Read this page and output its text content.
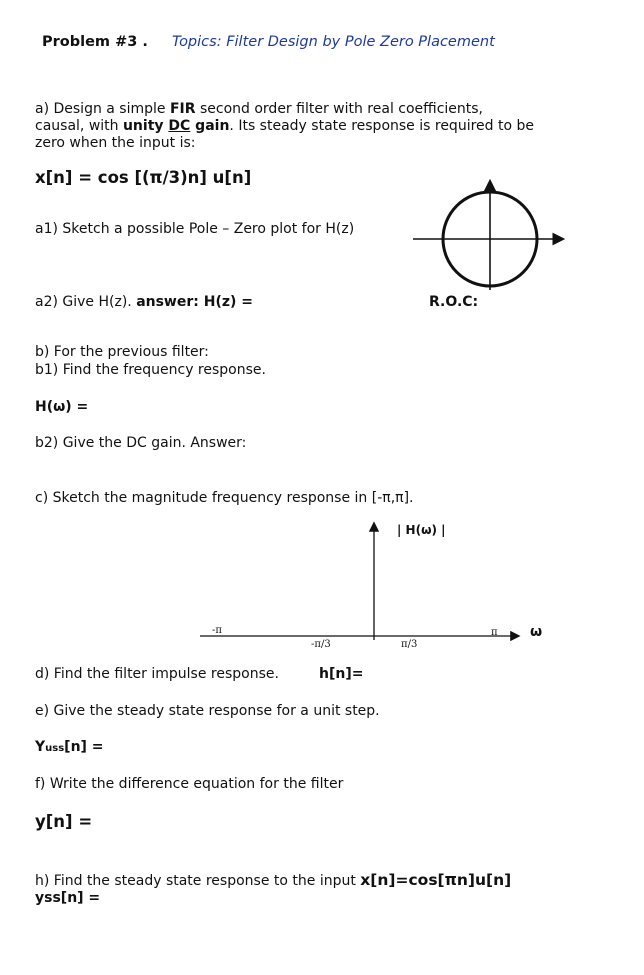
Problem #3 . Topics: Filter Design by Pole Zero Placement
a) Design a simple FIR second order filter with real coefficients,
causal, with unity DC gain. Its steady state response is required to be
zero when the input is:
x[n] = cos [(π/3)n] u[n]
a1) Sketch a possible Pole – Zero plot for H(z)
a2) Give H(z). answer: H(z) =	R.O.C:
b) For the previous filter:
b1) Find the frequency response.
H(ω) =
b2) Give the DC gain. Answer:
c) Sketch the magnitude frequency response in [-π,π].
| H(ω) |
ω
-π
-π/3	π/3
π
d) Find the filter impulse response.	h[n]=
e) Give the steady state response for a unit step.
Yuss[n] =
f) Write the difference equation for the filter
y[n] =
h) Find the steady state response to the input x[n]=cos[πn]u[n]
yss[n] =
